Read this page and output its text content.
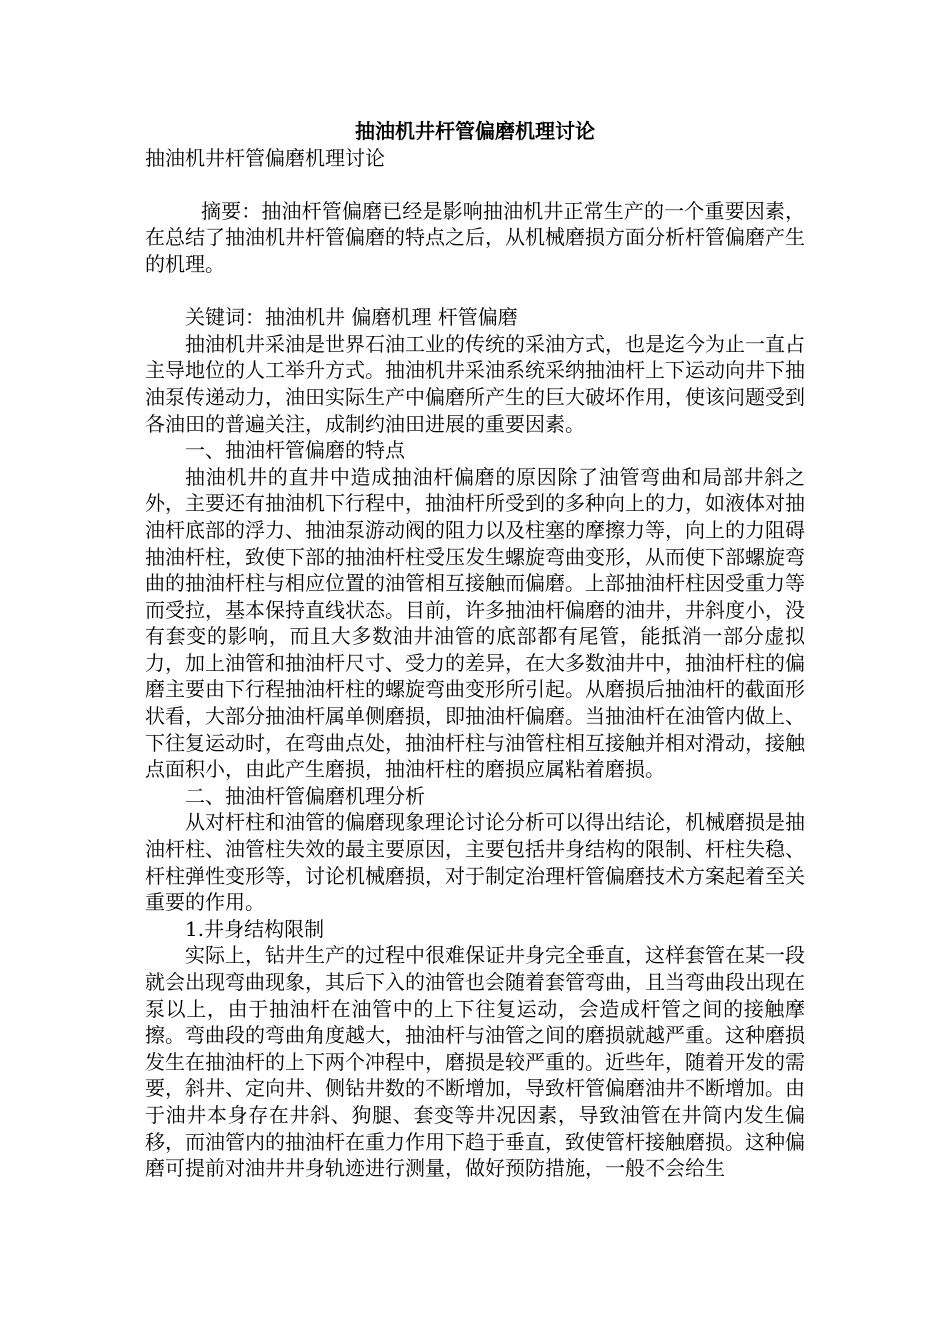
抽油机井杆管偏磨机理讨论

抽油机井杆管偏磨机理讨论

摘要：抽油杆管偏磨已经是影响抽油机井正常生产的一个重要因素，在总结了抽油机井杆管偏磨的特点之后，从机械磨损方面分析杆管偏磨产生的机理。

关键词：抽油机井 偏磨机理 杆管偏磨

抽油机井采油是世界石油工业的传统的采油方式，也是迄今为止一直占主导地位的人工举升方式。抽油机井采油系统采纳抽油杆上下运动向井下抽油泵传递动力，油田实际生产中偏磨所产生的巨大破坏作用，使该问题受到各油田的普遍关注，成制约油田进展的重要因素。

一、抽油杆管偏磨的特点

抽油机井的直井中造成抽油杆偏磨的原因除了油管弯曲和局部井斜之外，主要还有抽油机下行程中，抽油杆所受到的多种向上的力，如液体对抽油杆底部的浮力、抽油泵游动阀的阻力以及柱塞的摩擦力等，向上的力阻碍抽油杆柱，致使下部的抽油杆柱受压发生螺旋弯曲变形，从而使下部螺旋弯曲的抽油杆柱与相应位置的油管相互接触而偏磨。上部抽油杆柱因受重力等而受拉，基本保持直线状态。目前，许多抽油杆偏磨的油井，井斜度小，没有套变的影响，而且大多数油井油管的底部都有尾管，能抵消一部分虚拟力，加上油管和抽油杆尺寸、受力的差异，在大多数油井中，抽油杆柱的偏磨主要由下行程抽油杆柱的螺旋弯曲变形所引起。从磨损后抽油杆的截面形状看，大部分抽油杆属单侧磨损，即抽油杆偏磨。当抽油杆在油管内做上、下往复运动时，在弯曲点处，抽油杆柱与油管柱相互接触并相对滑动，接触点面积小，由此产生磨损，抽油杆柱的磨损应属粘着磨损。

二、抽油杆管偏磨机理分析

从对杆柱和油管的偏磨现象理论讨论分析可以得出结论，机械磨损是抽油杆柱、油管柱失效的最主要原因，主要包括井身结构的限制、杆柱失稳、杆柱弹性变形等，讨论机械磨损，对于制定治理杆管偏磨技术方案起着至关重要的作用。

1.井身结构限制

实际上，钻井生产的过程中很难保证井身完全垂直，这样套管在某一段就会出现弯曲现象，其后下入的油管也会随着套管弯曲，且当弯曲段出现在泵以上，由于抽油杆在油管中的上下往复运动，会造成杆管之间的接触摩擦。弯曲段的弯曲角度越大，抽油杆与油管之间的磨损就越严重。这种磨损发生在抽油杆的上下两个冲程中，磨损是较严重的。近些年，随着开发的需要，斜井、定向井、侧钻井数的不断增加，导致杆管偏磨油井不断增加。由于油井本身存在井斜、狗腿、套变等井况因素，导致油管在井筒内发生偏移，而油管内的抽油杆在重力作用下趋于垂直，致使管杆接触磨损。这种偏磨可提前对油井井身轨迹进行测量，做好预防措施，一般不会给生
